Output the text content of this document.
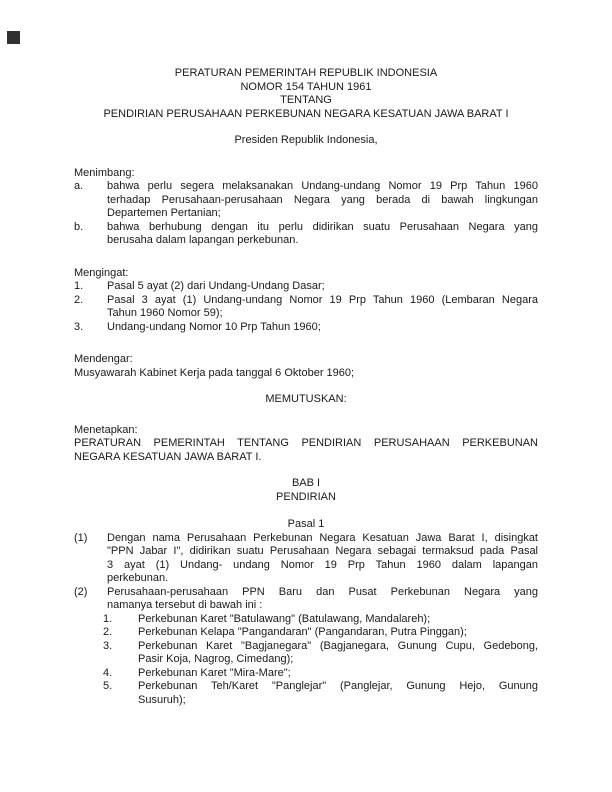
PERATURAN PEMERINTAH REPUBLIK INDONESIA
NOMOR 154 TAHUN 1961
TENTANG
PENDIRIAN PERUSAHAAN PERKEBUNAN NEGARA KESATUAN JAWA BARAT I
Presiden Republik Indonesia,
Menimbang:
a.	bahwa perlu segera melaksanakan Undang-undang Nomor 19 Prp Tahun 1960
terhadap Perusahaan-perusahaan Negara yang berada di bawah lingkungan
Departemen Pertanian;
b.	bahwa berhubung dengan itu perlu didirikan suatu Perusahaan Negara yang
berusaha dalam lapangan perkebunan.
Mengingat:
1.	Pasal 5 ayat (2) dari Undang-Undang Dasar;
2.	Pasal 3 ayat (1) Undang-undang Nomor 19 Prp Tahun 1960 (Lembaran Negara
Tahun 1960 Nomor 59);
3.	Undang-undang Nomor 10 Prp Tahun 1960;
Mendengar:
Musyawarah Kabinet Kerja pada tanggal 6 Oktober 1960;
MEMUTUSKAN:
Menetapkan:
PERATURAN PEMERINTAH TENTANG PENDIRIAN PERUSAHAAN PERKEBUNAN
NEGARA KESATUAN JAWA BARAT I.
BAB I
PENDIRIAN
Pasal 1
(1)	Dengan nama Perusahaan Perkebunan Negara Kesatuan Jawa Barat I, disingkat
"PPN Jabar I", didirikan suatu Perusahaan Negara sebagai termaksud pada Pasal
3 ayat (1) Undang- undang Nomor 19 Prp Tahun 1960 dalam lapangan
perkebunan.
(2)	Perusahaan-perusahaan PPN Baru dan Pusat Perkebunan Negara yang
namanya tersebut di bawah ini :
1.	Perkebunan Karet "Batulawang" (Batulawang, Mandalareh);
2.	Perkebunan Kelapa "Pangandaran" (Pangandaran, Putra Pinggan);
3.	Perkebunan Karet "Bagjanegara" (Bagjanegara, Gunung Cupu, Gedebong,
Pasir Koja, Nagrog, Cimedang);
4.	Perkebunan Karet "Mira-Mare";
5.	Perkebunan Teh/Karet "Panglejar" (Panglejar, Gunung Hejo, Gunung
Susuruh);
